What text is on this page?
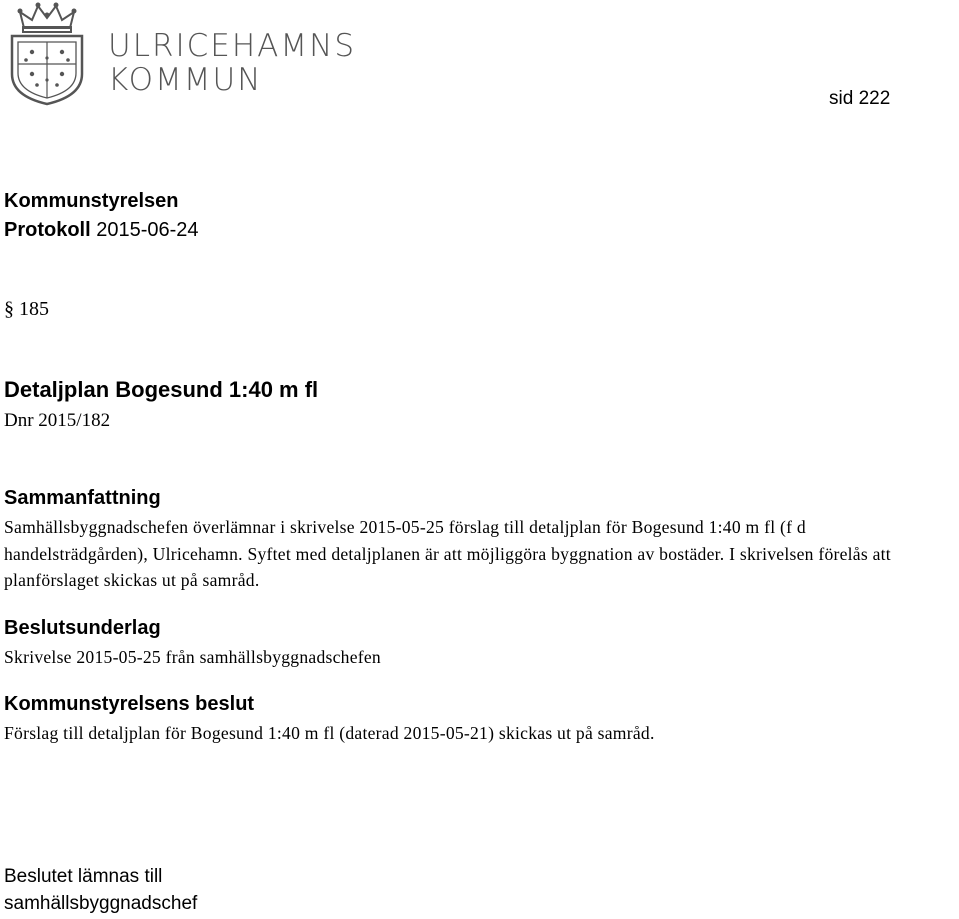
ULRICEHAMNS
KOMMUN
sid 222
Kommunstyrelsen
Protokoll 2015-06-24
§ 185
Detaljplan Bogesund 1:40 m fl
Dnr 2015/182
Sammanfattning
Samhällsbyggnadschefen överlämnar i skrivelse 2015-05-25 förslag till detaljplan för Bogesund 1:40 m fl (f d handelsträdgården), Ulricehamn. Syftet med detaljplanen är att möjliggöra byggnation av bostäder. I skrivelsen förelås att planförslaget skickas ut på samråd.
Beslutsunderlag
Skrivelse 2015-05-25 från samhällsbyggnadschefen
Kommunstyrelsens beslut
Förslag till detaljplan för Bogesund 1:40 m fl (daterad 2015-05-21) skickas ut på samråd.
Beslutet lämnas till
samhällsbyggnadschef
